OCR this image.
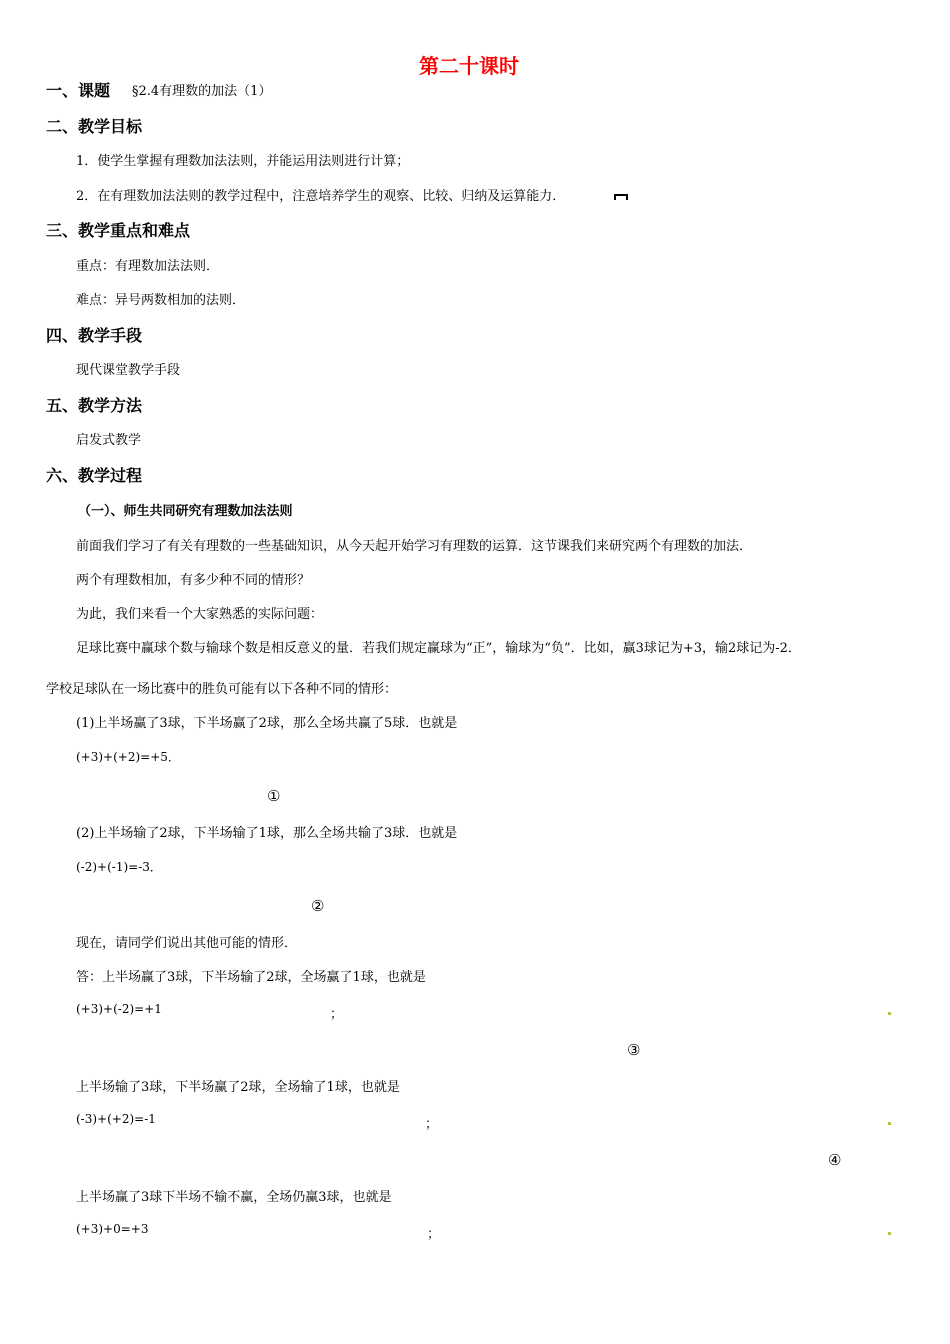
第二十课时
一、课题 §2.4有理数的加法（1）
二、教学目标
1．使学生掌握有理数加法法则，并能运用法则进行计算；
2．在有理数加法法则的教学过程中，注意培养学生的观察、比较、归纳及运算能力．
三、教学重点和难点
重点：有理数加法法则．
难点：异号两数相加的法则．
四、教学手段
现代课堂教学手段
五、教学方法
启发式教学
六、教学过程
（一）、师生共同研究有理数加法法则
前面我们学习了有关有理数的一些基础知识，从今天起开始学习有理数的运算．这节课我们来研究两个有理数的加法．
两个有理数相加，有多少种不同的情形？
为此，我们来看一个大家熟悉的实际问题：
足球比赛中赢球个数与输球个数是相反意义的量．若我们规定赢球为“正”，输球为“负”．比如，赢3球记为+3，输2球记为-2．
学校足球队在一场比赛中的胜负可能有以下各种不同的情形：
(1)上半场赢了3球，下半场赢了2球，那么全场共赢了5球．也就是
(+3)+(+2)=+5．
①
(2)上半场输了2球，下半场输了1球，那么全场共输了3球．也就是
(-2)+(-1)=-3．
②
现在，请同学们说出其他可能的情形．
答：上半场赢了3球，下半场输了2球，全场赢了1球，也就是
(+3)+(-2)=+1	；
③
上半场输了3球，下半场赢了2球，全场输了1球，也就是
(-3)+(+2)=-1	；
④
上半场赢了3球下半场不输不赢，全场仍赢3球，也就是
(+3)+0=+3	；
